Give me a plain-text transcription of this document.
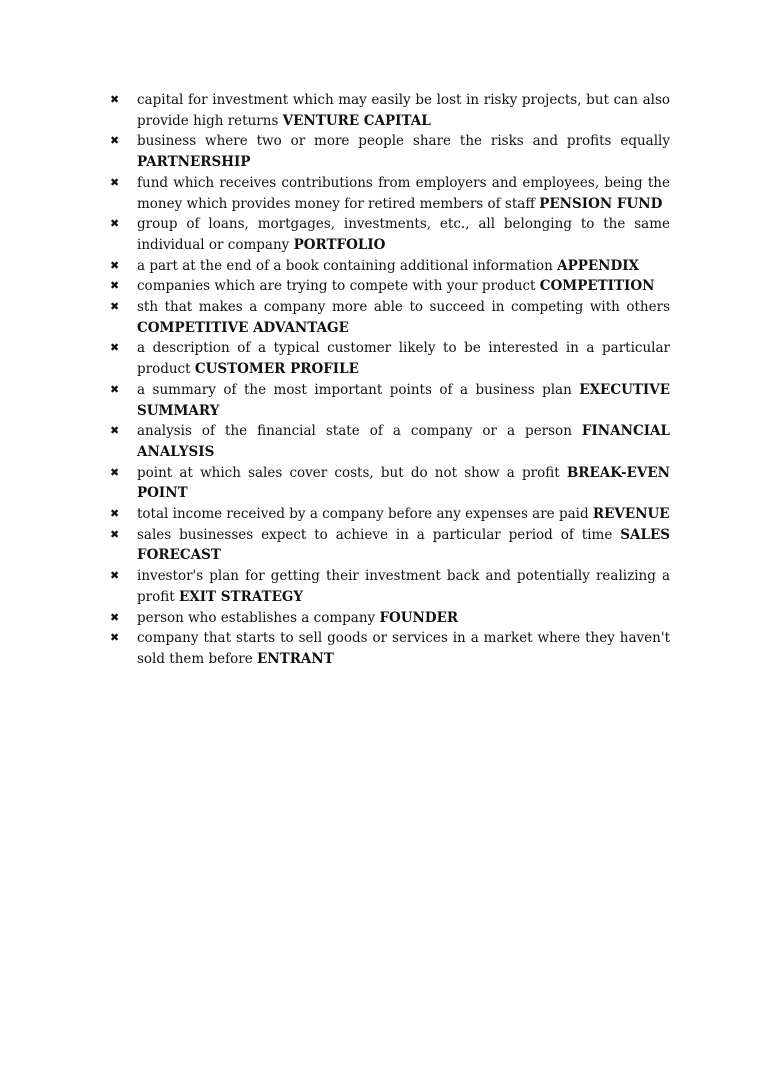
✖ capital for investment which may easily be lost in risky projects, but can also provide high returns VENTURE CAPITAL
✖ business where two or more people share the risks and profits equally PARTNERSHIP
✖ fund which receives contributions from employers and employees, being the money which provides money for retired members of staff PENSION FUND
✖ group of loans, mortgages, investments, etc., all belonging to the same individual or company PORTFOLIO
✖ a part at the end of a book containing additional information APPENDIX
✖ companies which are trying to compete with your product COMPETITION
✖ sth that makes a company more able to succeed in competing with others COMPETITIVE ADVANTAGE
✖ a description of a typical customer likely to be interested in a particular product CUSTOMER PROFILE
✖ a summary of the most important points of a business plan EXECUTIVE SUMMARY
✖ analysis of the financial state of a company or a person FINANCIAL ANALYSIS
✖ point at which sales cover costs, but do not show a profit BREAK-EVEN POINT
✖ total income received by a company before any expenses are paid REVENUE
✖ sales businesses expect to achieve in a particular period of time SALES FORECAST
✖ investor's plan for getting their investment back and potentially realizing a profit EXIT STRATEGY
✖ person who establishes a company FOUNDER
✖ company that starts to sell goods or services in a market where they haven't sold them before ENTRANT
